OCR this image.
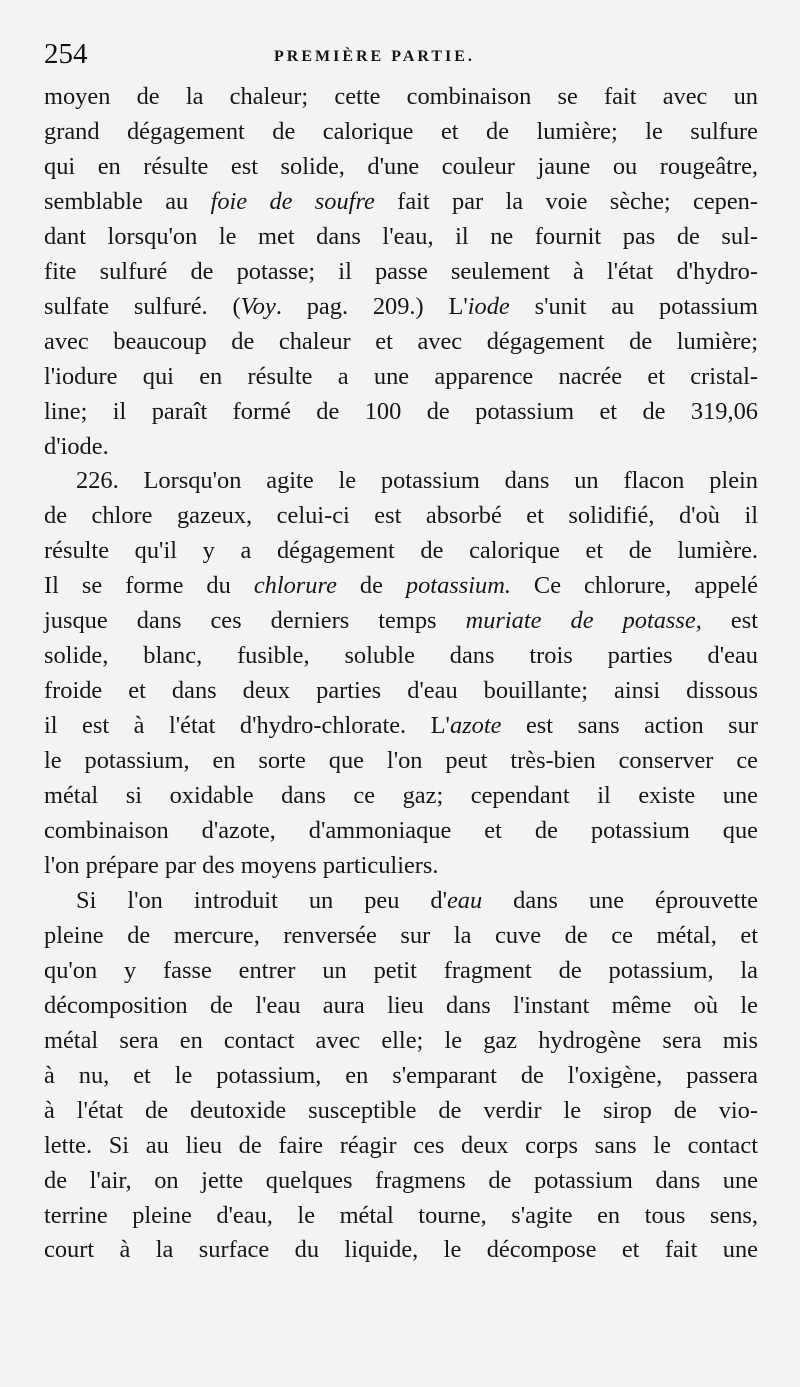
254	PREMIÈRE PARTIE.

moyen de la chaleur; cette combinaison se fait avec un
grand dégagement de calorique et de lumière; le sulfure
qui en résulte est solide, d'une couleur jaune ou rougeâtre,
semblable au foie de soufre fait par la voie sèche; cepen-
dant lorsqu'on le met dans l'eau, il ne fournit pas de sul-
fite sulfuré de potasse; il passe seulement à l'état d'hydro-
sulfate sulfuré. (Voy. pag. 209.) L'iode s'unit au potassium
avec beaucoup de chaleur et avec dégagement de lumière;
l'iodure qui en résulte a une apparence nacrée et cristal-
line; il paraît formé de 100 de potassium et de 319,06
d'iode.

226. Lorsqu'on agite le potassium dans un flacon plein
de chlore gazeux, celui-ci est absorbé et solidifié, d'où il
résulte qu'il y a dégagement de calorique et de lumière.
Il se forme du chlorure de potassium. Ce chlorure, appelé
jusque dans ces derniers temps muriate de potasse, est
solide, blanc, fusible, soluble dans trois parties d'eau
froide et dans deux parties d'eau bouillante; ainsi dissous
il est à l'état d'hydro-chlorate. L'azote est sans action sur
le potassium, en sorte que l'on peut très-bien conserver ce
métal si oxidable dans ce gaz; cependant il existe une
combinaison d'azote, d'ammoniaque et de potassium que
l'on prépare par des moyens particuliers.

Si l'on introduit un peu d'eau dans une éprouvette
pleine de mercure, renversée sur la cuve de ce métal, et
qu'on y fasse entrer un petit fragment de potassium, la
décomposition de l'eau aura lieu dans l'instant même où le
métal sera en contact avec elle; le gaz hydrogène sera mis
à nu, et le potassium, en s'emparant de l'oxigène, passera
à l'état de deutoxide susceptible de verdir le sirop de vio-
lette. Si au lieu de faire réagir ces deux corps sans le contact
de l'air, on jette quelques fragmens de potassium dans une
terrine pleine d'eau, le métal tourne, s'agite en tous sens,
court à la surface du liquide, le décompose et fait une
